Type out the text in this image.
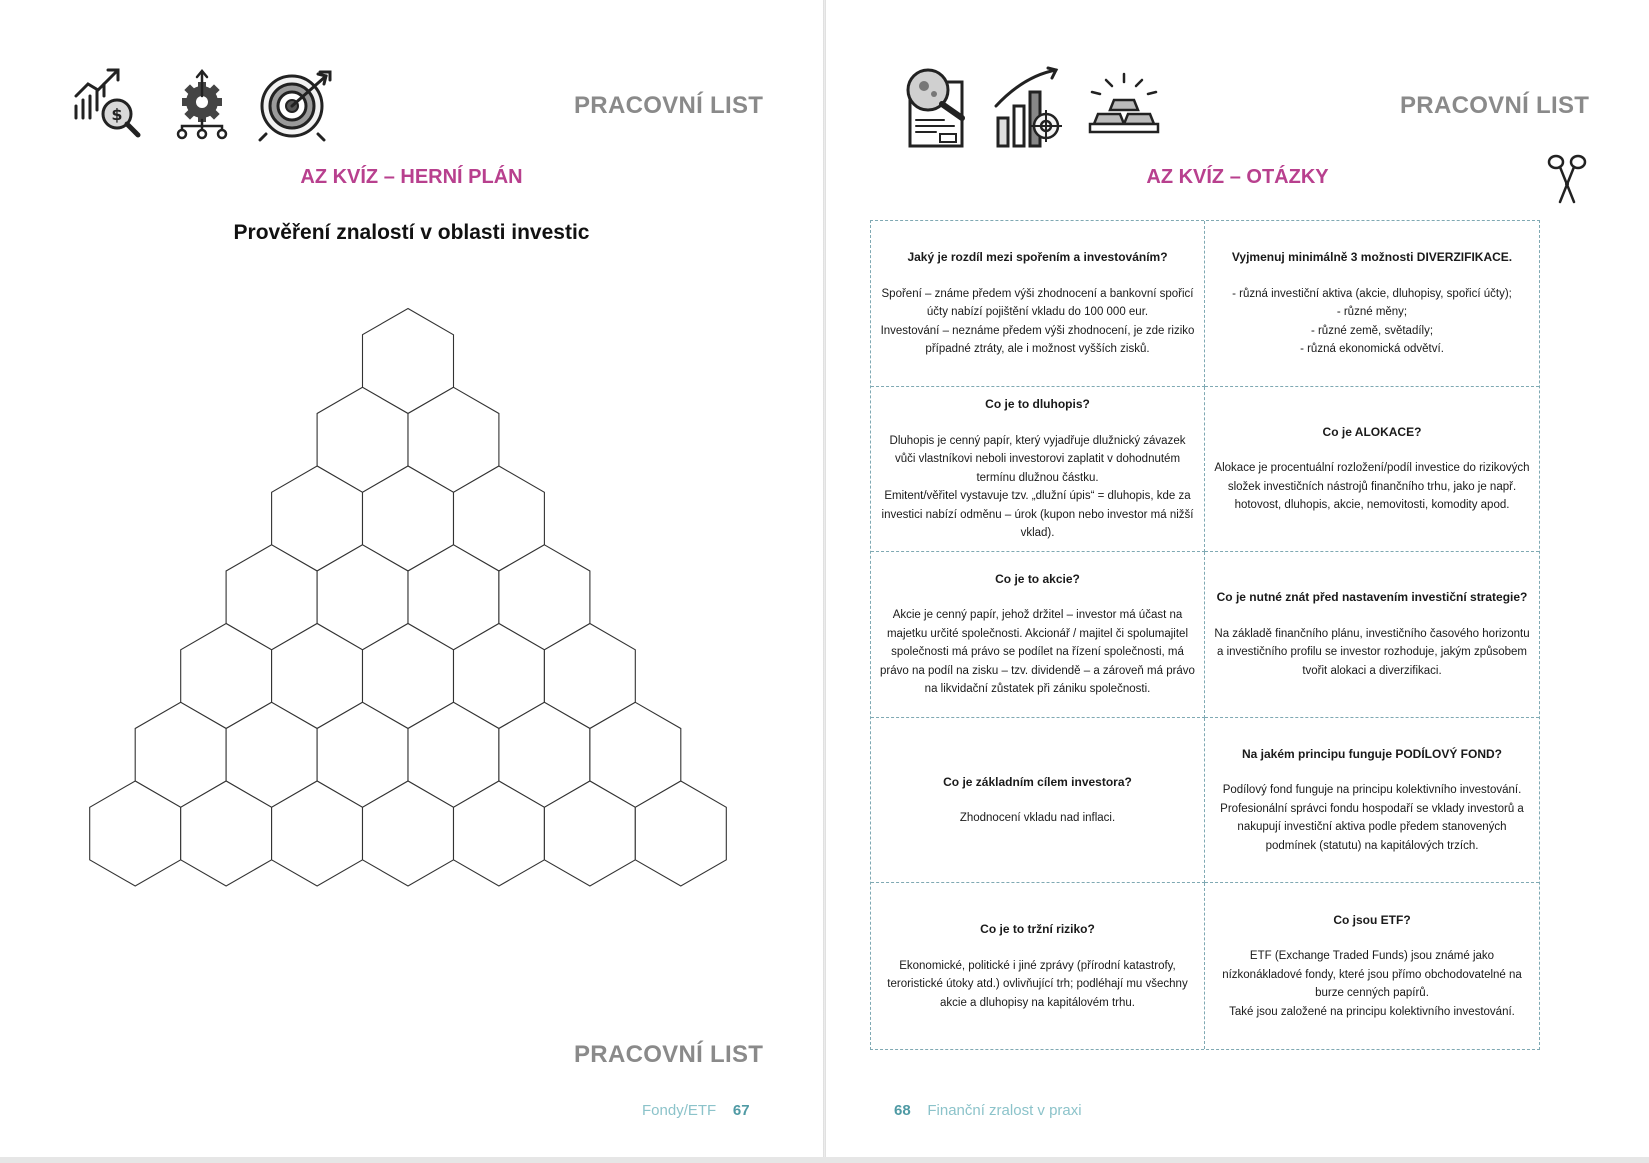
$	PRACOVNÍ LIST
AZ KVÍZ – HERNÍ PLÁN
Prověření znalostí v oblasti investic
PRACOVNÍ LIST
Fondy/ETF 67
PRACOVNÍ LIST
AZ KVÍZ – OTÁZKY
Jaký je rozdíl mezi spořením a investováním?
Spoření – známe předem výši zhodnocení a bankovní spořicí účty nabízí pojištění vkladu do 100 000 eur.
Investování – neznáme předem výši zhodnocení, je zde riziko případné ztráty, ale i možnost vyšších zisků.
Vyjmenuj minimálně 3 možnosti DIVERZIFIKACE.
- různá investiční aktiva (akcie, dluhopisy, spořicí účty);
- různé měny;
- různé země, světadíly;
- různá ekonomická odvětví.
Co je to dluhopis?
Dluhopis je cenný papír, který vyjadřuje dlužnický závazek vůči vlastníkovi neboli investorovi zaplatit v dohodnutém termínu dlužnou částku.
Emitent/věřitel vystavuje tzv. „dlužní úpis“ = dluhopis, kde za investici nabízí odměnu – úrok (kupon nebo investor má nižší vklad).
Co je ALOKACE?
Alokace je procentuální rozložení/podíl investice do rizikových složek investičních nástrojů finančního trhu, jako je např. hotovost, dluhopis, akcie, nemovitosti, komodity apod.
Co je to akcie?
Akcie je cenný papír, jehož držitel – investor má účast na majetku určité společnosti. Akcionář / majitel či spolumajitel společnosti má právo se podílet na řízení společnosti, má právo na podíl na zisku – tzv. dividendě – a zároveň má právo na likvidační zůstatek při zániku společnosti.
Co je nutné znát před nastavením investiční strategie?
Na základě finančního plánu, investičního časového horizontu a investičního profilu se investor rozhoduje, jakým způsobem tvořit alokaci a diverzifikaci.
Co je základním cílem investora?
Zhodnocení vkladu nad inflaci.
Na jakém principu funguje PODÍLOVÝ FOND?
Podílový fond funguje na principu kolektivního investování.
Profesionální správci fondu hospodaří se vklady investorů a nakupují investiční aktiva podle předem stanovených podmínek (statutu) na kapitálových trzích.
Co je to tržní riziko?
Ekonomické, politické i jiné zprávy (přírodní katastrofy, teroristické útoky atd.) ovlivňující trh; podléhají mu všechny akcie a dluhopisy na kapitálovém trhu.
Co jsou ETF?
ETF (Exchange Traded Funds) jsou známé jako nízkonákladové fondy, které jsou přímo obchodovatelné na burze cenných papírů.
Také jsou založené na principu kolektivního investování.
68 Finanční zralost v praxi
